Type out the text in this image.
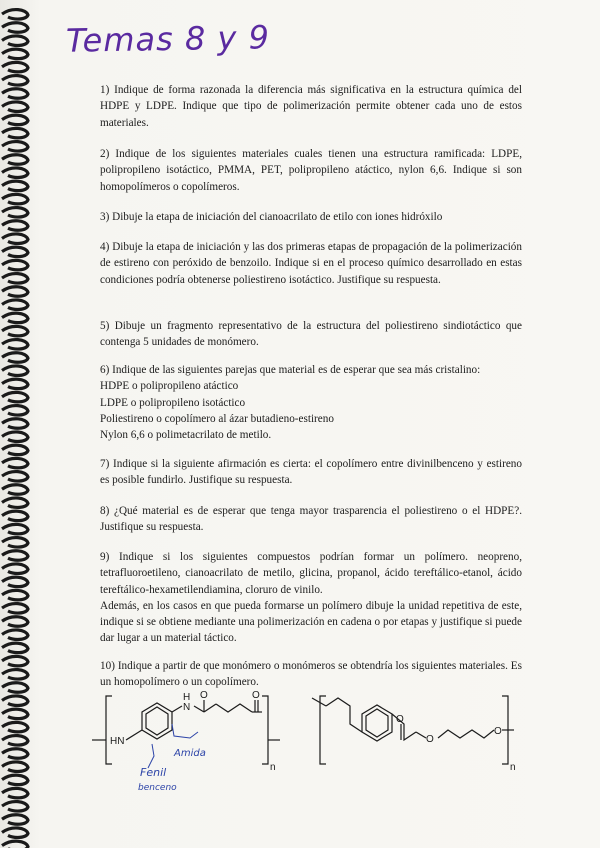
Temas 8 y 9

1) Indique de forma razonada la diferencia más significativa en la estructura química del HDPE y LDPE. Indique que tipo de polimerización permite obtener cada uno de estos materiales.

2) Indique de los siguientes materiales cuales tienen una estructura ramificada: LDPE, polipropileno isotáctico, PMMA, PET, polipropileno atáctico, nylon 6,6. Indique si son homopolímeros o copolímeros.

3) Dibuje la etapa de iniciación del cianoacrilato de etilo con iones hidróxilo

4) Dibuje la etapa de iniciación y las dos primeras etapas de propagación de la polimerización de estireno con peróxido de benzoilo. Indique si en el proceso químico desarrollado en estas condiciones podría obtenerse poliestireno isotáctico. Justifique su respuesta.

5) Dibuje un fragmento representativo de la estructura del poliestireno sindiotáctico que contenga 5 unidades de monómero.

6) Indique de las siguientes parejas que material es de esperar que sea más cristalino:

HDPE o polipropileno atáctico
LDPE o polipropileno isotáctico
Poliestireno o copolímero al ázar butadieno-estireno
Nylon 6,6 o polimetacrilato de metilo.

7) Indique si la siguiente afirmación es cierta: el copolímero entre divinilbenceno y estireno es posible fundirlo. Justifique su respuesta.

8) ¿Qué material es de esperar que tenga mayor trasparencia el poliestireno o el HDPE?. Justifique su respuesta.

9) Indique si los siguientes compuestos podrían formar un polímero. neopreno, tetrafluoroetileno, cianoacrilato de metilo, glicina, propanol, ácido tereftálico-etanol, ácido tereftálico-hexametilendiamina, cloruro de vinilo.

Además, en los casos en que pueda formarse un polímero dibuje la unidad repetitiva de este, indique si se obtiene mediante una polimerización en cadena o por etapas y justifique si puede dar lugar a un material táctico.

10) Indique a partir de que monómero o monómeros se obtendría los siguientes materiales. Es un homopolímero o un copolímero.

HN
N
H O	O
n
O
O
O
n
Fenil
benceno
Amida
